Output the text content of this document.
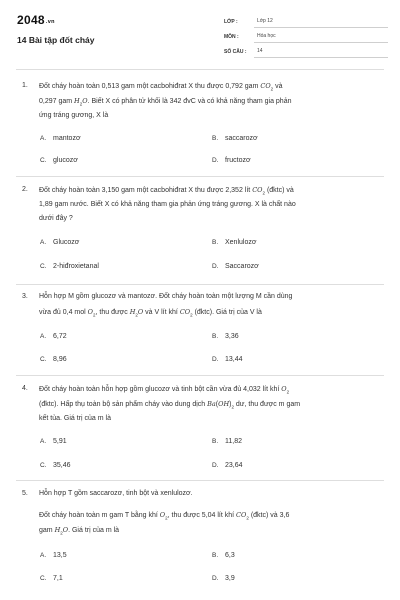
2048.vn
14 Bài tập đốt cháy
LỚP :	Lớp 12
MÔN :	Hóa học
SỐ CÂU :	14
1. Đốt cháy hoàn toàn 0,513 gam một cacbohiđrat X thu được 0,792 gam $CO_2$ và
0,297 gam $H_2O$. Biết X có phân tử khối là 342 đvC và có khả năng tham gia phản
ứng tráng gương, X là
A. mantozơ	B. saccarozơ
C. glucozơ	D. fructozơ
2. Đốt cháy hoàn toàn 3,150 gam một cacbohiđrat X thu được 2,352 lít $CO_2$ (đktc) và
1,89 gam nước. Biết X có khả năng tham gia phản ứng tráng gương. X là chất nào
dưới đây ?
A. Glucozơ	B. Xenlulozơ
C. 2-hiđroxietanal	D. Saccarozơ
3. Hỗn hợp M gồm glucozơ và mantozơ. Đốt cháy hoàn toàn một lượng M cần dùng
vừa đủ 0,4 mol $O_2$, thu được $H_2O$ và V lít khí $CO_2$ (đktc). Giá trị của V là
A. 6,72	B. 3,36
C. 8,96	D. 13,44
4. Đốt cháy hoàn toàn hỗn hợp gồm glucozơ và tinh bột cần vừa đủ 4,032 lít khí $O_2$
(đktc). Hấp thụ toàn bộ sản phẩm cháy vào dung dịch $Ba(OH)_2$ dư, thu được m gam
kết tủa. Giá trị của m là
A. 5,91	B. 11,82
C. 35,46	D. 23,64
5. Hỗn hợp T gồm saccarozơ, tinh bột và xenlulozơ.
Đốt cháy hoàn toàn m gam T bằng khí $O_2$, thu được 5,04 lít khí $CO_2$ (đktc) và 3,6
gam $H_2O$. Giá trị của m là
A. 13,5	B. 6,3
C. 7,1	D. 3,9
